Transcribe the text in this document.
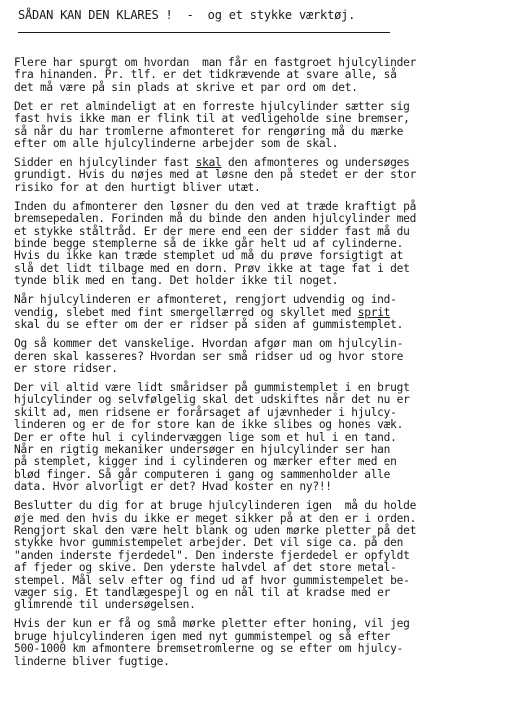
SÅDAN KAN DEN KLARES !  -  og et stykke værktøj.

Flere har spurgt om hvordan  man får en fastgroet hjulcylinder
fra hinanden. Pr. tlf. er det tidkrævende at svare alle, så
det må være på sin plads at skrive et par ord om det.

Det er ret almindeligt at en forreste hjulcylinder sætter sig
fast hvis ikke man er flink til at vedligeholde sine bremser,
så når du har tromlerne afmonteret for rengøring må du mærke
efter om alle hjulcylinderne arbejder som de skal.

Sidder en hjulcylinder fast skal den afmonteres og undersøges
grundigt. Hvis du nøjes med at løsne den på stedet er der stor
risiko for at den hurtigt bliver utæt.

Inden du afmonterer den løsner du den ved at træde kraftigt på
bremsepedalen. Forinden må du binde den anden hjulcylinder med
et stykke ståltråd. Er der mere end een der sidder fast må du
binde begge stemplerne så de ikke går helt ud af cylinderne.
Hvis du ikke kan træde stemplet ud må du prøve forsigtigt at
slå det lidt tilbage med en dorn. Prøv ikke at tage fat i det
tynde blik med en tang. Det holder ikke til noget.

Når hjulcylinderen er afmonteret, rengjort udvendig og ind-
vendig, slebet med fint smergellærred og skyllet med sprit
skal du se efter om der er ridser på siden af gummistemplet.

Og så kommer det vanskelige. Hvordan afgør man om hjulcylin-
deren skal kasseres? Hvordan ser små ridser ud og hvor store
er store ridser.

Der vil altid være lidt småridser på gummistemplet i en brugt
hjulcylinder og selvfølgelig skal det udskiftes når det nu er
skilt ad, men ridsene er forårsaget af ujævnheder i hjulcy-
linderen og er de for store kan de ikke slibes og hones væk.
Der er ofte hul i cylindervæggen lige som et hul i en tand.
Når en rigtig mekaniker undersøger en hjulcylinder ser han
på stemplet, kigger ind i cylinderen og mærker efter med en
blød finger. Så går computeren i gang og sammenholder alle
data. Hvor alvorligt er det? Hvad koster en ny?!!

Beslutter du dig for at bruge hjulcylinderen igen  må du holde
øje med den hvis du ikke er meget sikker på at den er i orden.
Rengjort skal den være helt blank og uden mørke pletter på det
stykke hvor gummistempelet arbejder. Det vil sige ca. på den
"anden inderste fjerdedel". Den inderste fjerdedel er opfyldt
af fjeder og skive. Den yderste halvdel af det store metal-
stempel. Mål selv efter og find ud af hvor gummistempelet be-
væger sig. Et tandlægespejl og en nål til at kradse med er
glimrende til undersøgelsen.

Hvis der kun er få og små mørke pletter efter honing, vil jeg
bruge hjulcylinderen igen med nyt gummistempel og så efter
500-1000 km afmontere bremsetromlerne og se efter om hjulcy-
linderne bliver fugtige.
